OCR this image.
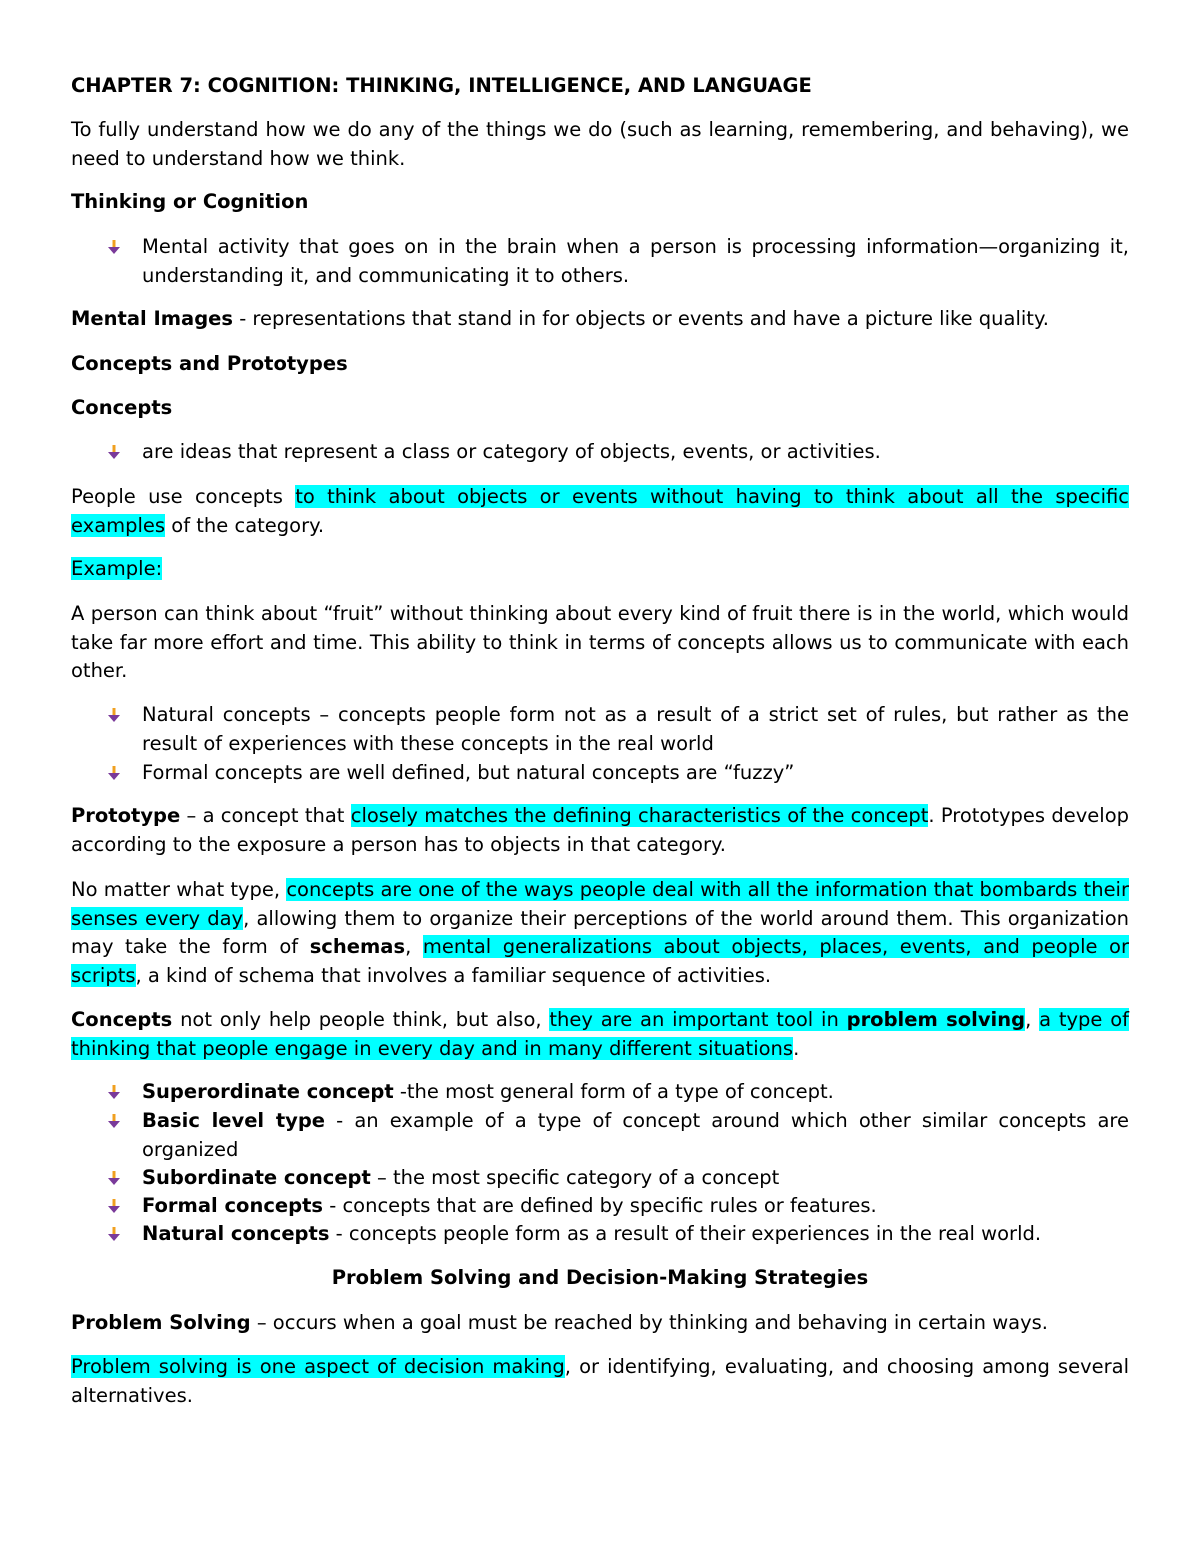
CHAPTER 7: COGNITION: THINKING, INTELLIGENCE, AND LANGUAGE
To fully understand how we do any of the things we do (such as learning, remembering, and behaving), we need to understand how we think.
Thinking or Cognition
Mental activity that goes on in the brain when a person is processing information—organizing it, understanding it, and communicating it to others.
Mental Images - representations that stand in for objects or events and have a picture like quality.
Concepts and Prototypes
Concepts
are ideas that represent a class or category of objects, events, or activities.
People use concepts to think about objects or events without having to think about all the specific examples of the category.
Example:
A person can think about “fruit” without thinking about every kind of fruit there is in the world, which would take far more effort and time. This ability to think in terms of concepts allows us to communicate with each other.
Natural concepts – concepts people form not as a result of a strict set of rules, but rather as the result of experiences with these concepts in the real world
Formal concepts are well defined, but natural concepts are “fuzzy”
Prototype – a concept that closely matches the defining characteristics of the concept. Prototypes develop according to the exposure a person has to objects in that category.
No matter what type, concepts are one of the ways people deal with all the information that bombards their senses every day, allowing them to organize their perceptions of the world around them. This organization may take the form of schemas, mental generalizations about objects, places, events, and people or scripts, a kind of schema that involves a familiar sequence of activities.
Concepts not only help people think, but also, they are an important tool in problem solving, a type of thinking that people engage in every day and in many different situations.
Superordinate concept -the most general form of a type of concept.
Basic level type - an example of a type of concept around which other similar concepts are organized
Subordinate concept – the most specific category of a concept
Formal concepts - concepts that are defined by specific rules or features.
Natural concepts - concepts people form as a result of their experiences in the real world.
Problem Solving and Decision-Making Strategies
Problem Solving – occurs when a goal must be reached by thinking and behaving in certain ways.
Problem solving is one aspect of decision making, or identifying, evaluating, and choosing among several alternatives.
